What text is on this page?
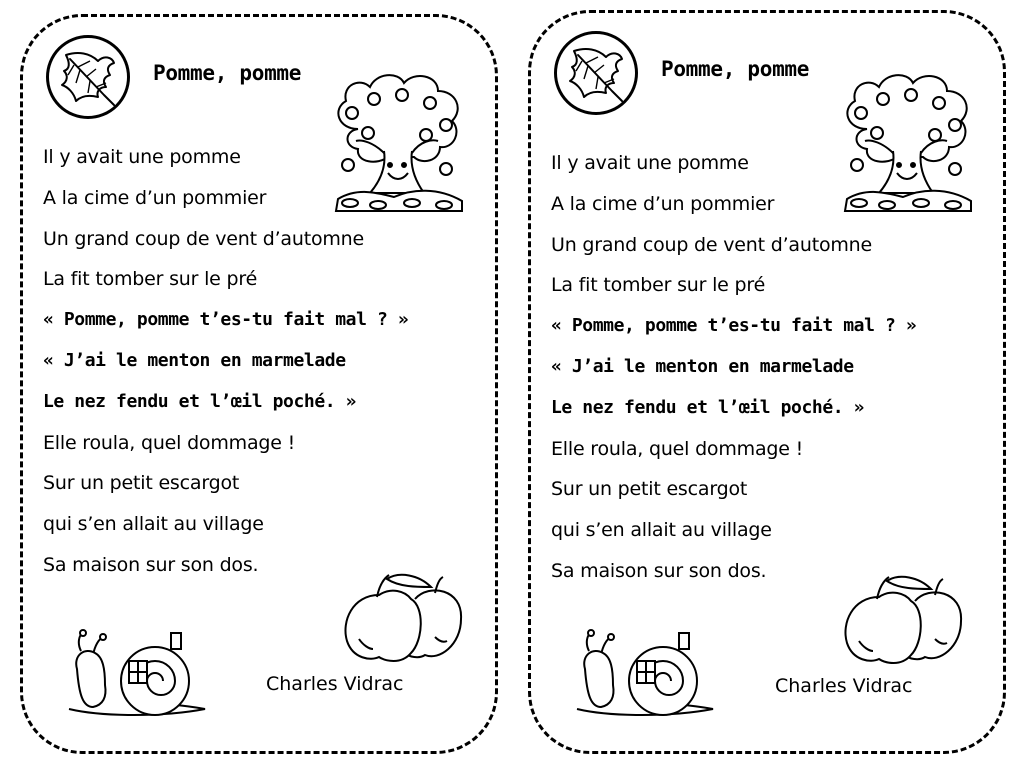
Pomme, pomme
Il y avait une pomme
A la cime d’un pommier
Un grand coup de vent d’automne
La fit tomber sur le pré
« Pomme, pomme t’es-tu fait mal ? »
« J’ai le menton en marmelade
Le nez fendu et l’œil poché. »
Elle roula, quel dommage !
Sur un petit escargot
qui s’en allait au village
Sa maison sur son dos.
Charles Vidrac
Pomme, pomme
Il y avait une pomme
A la cime d’un pommier
Un grand coup de vent d’automne
La fit tomber sur le pré
« Pomme, pomme t’es-tu fait mal ? »
« J’ai le menton en marmelade
Le nez fendu et l’œil poché. »
Elle roula, quel dommage !
Sur un petit escargot
qui s’en allait au village
Sa maison sur son dos.
Charles Vidrac
